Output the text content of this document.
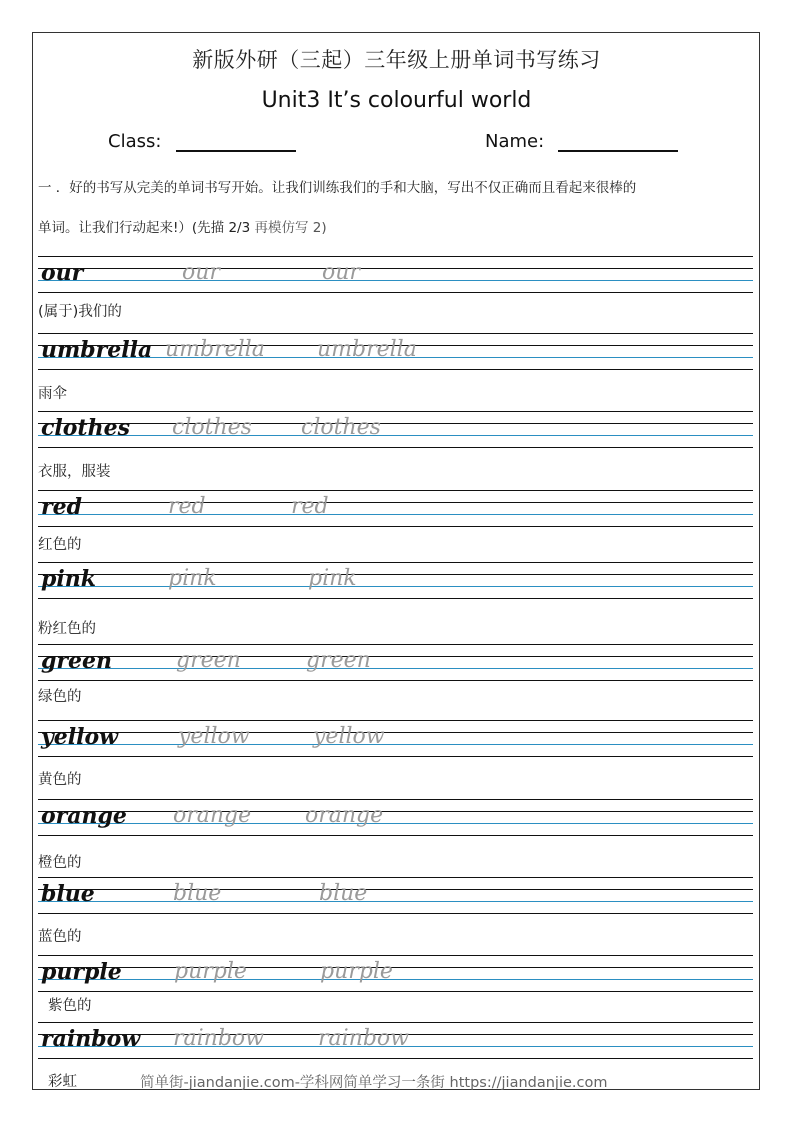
新版外研（三起）三年级上册单词书写练习
Unit3 It’s colourful world
Class:	Name:
一 ．好的书写从完美的单词书写开始。让我们训练我们的手和大脑，写出不仅正确而且看起来很棒的
单词。让我们行动起来!）(先描 2/3 再模仿写 2)
our	our	our
(属于)我们的
umbrella umbrella umbrella
雨伞
clothes clothes clothes
衣服，服装
red	red	red
红色的
pink	pink	pink
粉红色的
green	green	green
绿色的
yellow	yellow	yellow
黄色的
orange orange orange
橙色的
blue	blue	blue
蓝色的
purple purple	purple
紫色的
rainbow rainbow rainbow
彩虹	简单街-jiandanjie.com-学科网简单学习一条街 https://jiandanjie.com
